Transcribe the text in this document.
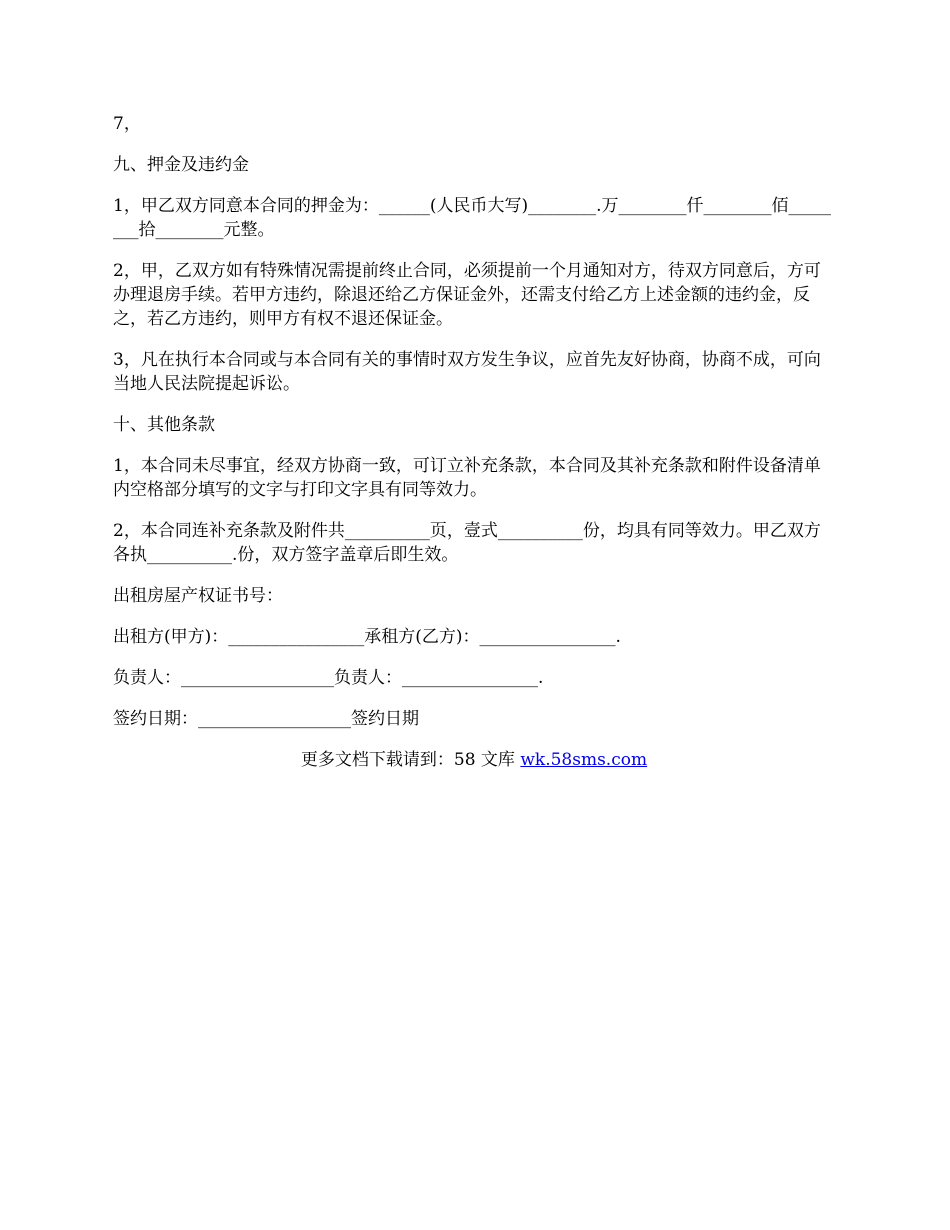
7，

九、押金及违约金

1，甲乙双方同意本合同的押金为：______(人民币大写)________.万________仟________佰________拾________元整。

2，甲，乙双方如有特殊情况需提前终止合同，必须提前一个月通知对方，待双方同意后，方可办理退房手续。若甲方违约，除退还给乙方保证金外，还需支付给乙方上述金额的违约金，反之，若乙方违约，则甲方有权不退还保证金。

3，凡在执行本合同或与本合同有关的事情时双方发生争议，应首先友好协商，协商不成，可向当地人民法院提起诉讼。

十、其他条款

1，本合同未尽事宜，经双方协商一致，可订立补充条款，本合同及其补充条款和附件设备清单内空格部分填写的文字与打印文字具有同等效力。

2，本合同连补充条款及附件共__________页，壹式__________份，均具有同等效力。甲乙双方各执__________.份，双方签字盖章后即生效。

出租房屋产权证书号：

出租方(甲方)：________________承租方(乙方)：________________.

负责人：__________________负责人：________________.

签约日期：__________________签约日期

更多文档下载请到：58 文库 wk.58sms.com
